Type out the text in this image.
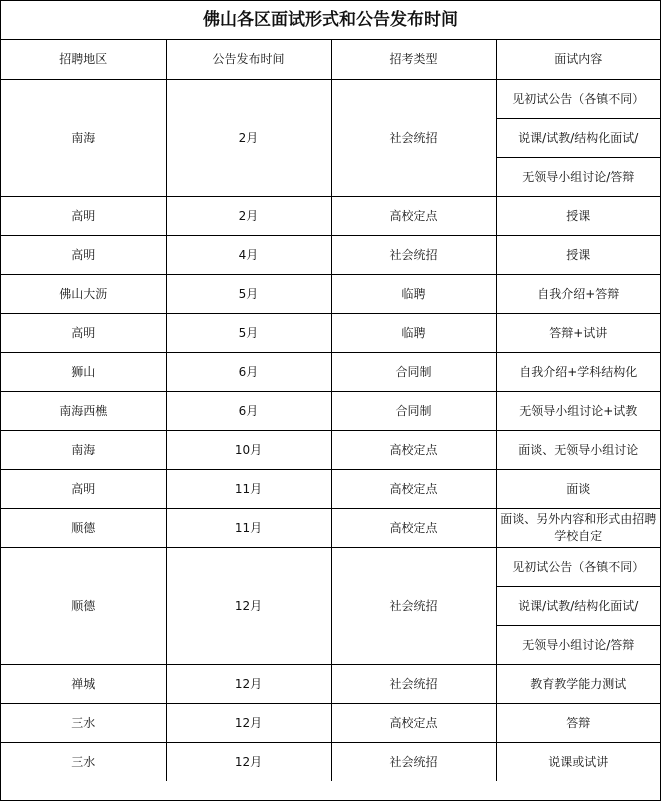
佛山各区面试形式和公告发布时间
招聘地区	公告发布时间	招考类型	面试内容
南海	2月	社会统招	见初试公告（各镇不同）
			说课/试教/结构化面试/
			无领导小组讨论/答辩
高明	2月	高校定点	授课
高明	4月	社会统招	授课
佛山大沥	5月	临聘	自我介绍+答辩
高明	5月	临聘	答辩+试讲
狮山	6月	合同制	自我介绍+学科结构化
南海西樵	6月	合同制	无领导小组讨论+试教
南海	10月	高校定点	面谈、无领导小组讨论
高明	11月	高校定点	面谈
顺德	11月	高校定点	面谈、另外内容和形式由招聘学校自定
顺德	12月	社会统招	见初试公告（各镇不同）
			说课/试教/结构化面试/
			无领导小组讨论/答辩
禅城	12月	社会统招	教育教学能力测试
三水	12月	高校定点	答辩
三水	12月	社会统招	说课或试讲
